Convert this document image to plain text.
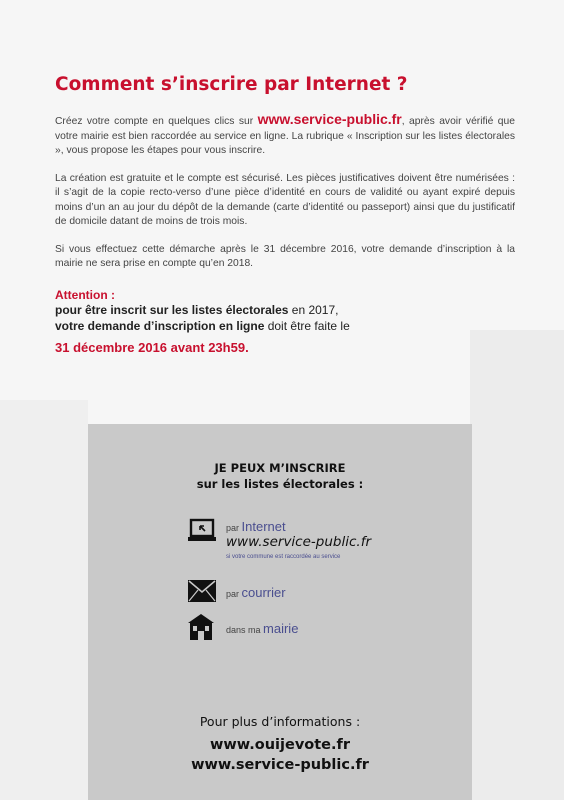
Comment s’inscrire par Internet ?

Créez votre compte en quelques clics sur www.service-public.fr, après avoir vérifié que votre mairie est bien raccordée au service en ligne. La rubrique « Inscription sur les listes électorales », vous propose les étapes pour vous inscrire.

La création est gratuite et le compte est sécurisé. Les pièces justificatives doivent être numérisées : il s’agit de la copie recto-verso d’une pièce d’identité en cours de validité ou ayant expiré depuis moins d’un an au jour du dépôt de la demande (carte d’identité ou passeport) ainsi que du justificatif de domicile datant de moins de trois mois.

Si vous effectuez cette démarche après le 31 décembre 2016, votre demande d’inscription à la mairie ne sera prise en compte qu’en 2018.

Attention :
pour être inscrit sur les listes électorales en 2017,
votre demande d’inscription en ligne doit être faite le
31 décembre 2016 avant 23h59.
JE PEUX M’INSCRIRE
sur les listes électorales :
par Internet
www.service-public.fr
si votre commune est raccordée au service
par courrier
dans ma mairie
Pour plus d’informations :
www.ouijevote.fr
www.service-public.fr
